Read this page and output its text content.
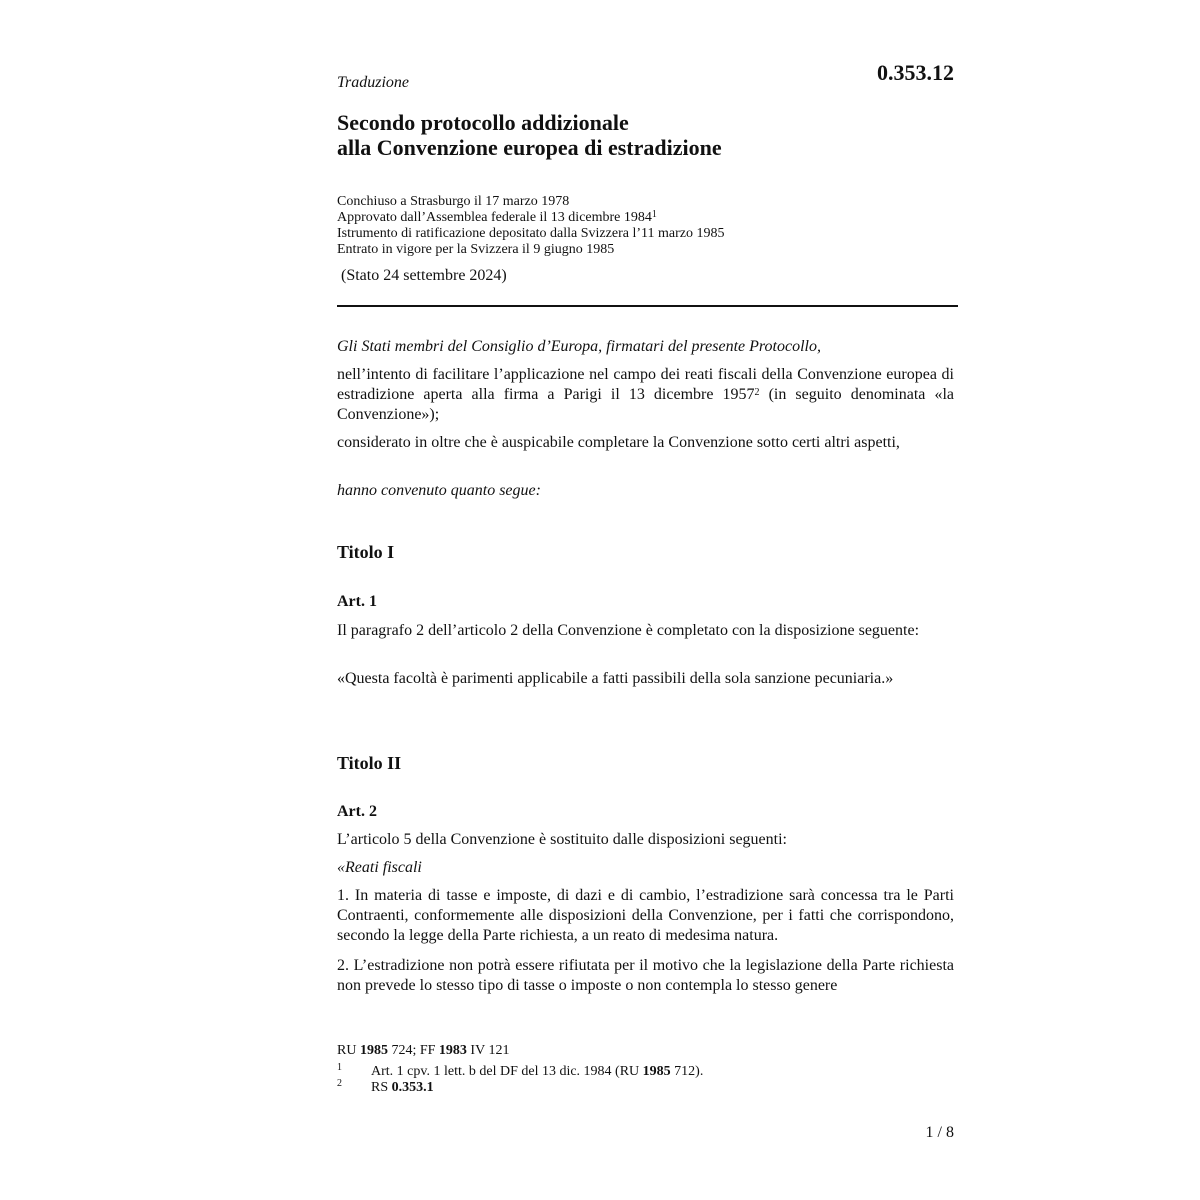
0.353.12
Traduzione
Secondo protocollo addizionale
alla Convenzione europea di estradizione
Conchiuso a Strasburgo il 17 marzo 1978
Approvato dall’Assemblea federale il 13 dicembre 1984$^1$
Istrumento di ratificazione depositato dalla Svizzera l’11 marzo 1985
Entrato in vigore per la Svizzera il 9 giugno 1985
(Stato 24 settembre 2024)
Gli Stati membri del Consiglio d’Europa, firmatari del presente Protocollo,
nell’intento di facilitare l’applicazione nel campo dei reati fiscali della Convenzione europea di estradizione aperta alla firma a Parigi il 13 dicembre 1957$^2$ (in seguito denominata «la Convenzione»);
considerato in oltre che è auspicabile completare la Convenzione sotto certi altri aspetti,
hanno convenuto quanto segue:
Titolo I
Art. 1
Il paragrafo 2 dell’articolo 2 della Convenzione è completato con la disposizione seguente:
«Questa facoltà è parimenti applicabile a fatti passibili della sola sanzione pecuniaria.»
Titolo II
Art. 2
L’articolo 5 della Convenzione è sostituito dalle disposizioni seguenti:
«Reati fiscali
1. In materia di tasse e imposte, di dazi e di cambio, l’estradizione sarà concessa tra le Parti Contraenti, conformemente alle disposizioni della Convenzione, per i fatti che corrispondono, secondo la legge della Parte richiesta, a un reato di medesima natura.
2. L’estradizione non potrà essere rifiutata per il motivo che la legislazione della Parte richiesta non prevede lo stesso tipo di tasse o imposte o non contempla lo stesso genere
RU 1985 724; FF 1983 IV 121
1 Art. 1 cpv. 1 lett. b del DF del 13 dic. 1984 (RU 1985 712).
2 RS 0.353.1
1 / 8
